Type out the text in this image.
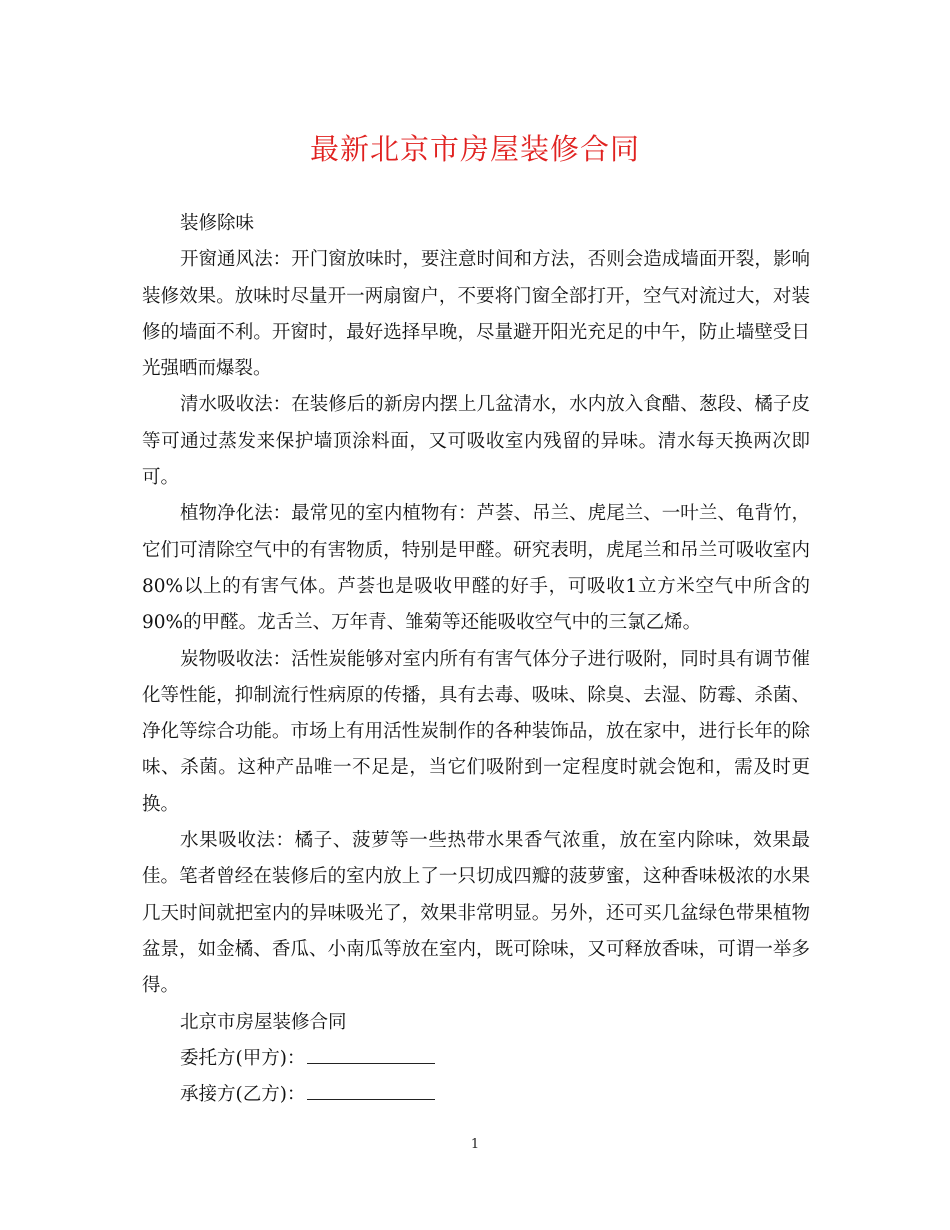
最新北京市房屋装修合同

装修除味

开窗通风法：开门窗放味时，要注意时间和方法，否则会造成墙面开裂，影响装修效果。放味时尽量开一两扇窗户，不要将门窗全部打开，空气对流过大，对装修的墙面不利。开窗时，最好选择早晚，尽量避开阳光充足的中午，防止墙壁受日光强晒而爆裂。

清水吸收法：在装修后的新房内摆上几盆清水，水内放入食醋、葱段、橘子皮等可通过蒸发来保护墙顶涂料面，又可吸收室内残留的异味。清水每天换两次即可。

植物净化法：最常见的室内植物有：芦荟、吊兰、虎尾兰、一叶兰、龟背竹，它们可清除空气中的有害物质，特别是甲醛。研究表明，虎尾兰和吊兰可吸收室内80%以上的有害气体。芦荟也是吸收甲醛的好手，可吸收1立方米空气中所含的90%的甲醛。龙舌兰、万年青、雏菊等还能吸收空气中的三氯乙烯。

炭物吸收法：活性炭能够对室内所有有害气体分子进行吸附，同时具有调节催化等性能，抑制流行性病原的传播，具有去毒、吸味、除臭、去湿、防霉、杀菌、净化等综合功能。市场上有用活性炭制作的各种装饰品，放在家中，进行长年的除味、杀菌。这种产品唯一不足是，当它们吸附到一定程度时就会饱和，需及时更换。

水果吸收法：橘子、菠萝等一些热带水果香气浓重，放在室内除味，效果最佳。笔者曾经在装修后的室内放上了一只切成四瓣的菠萝蜜，这种香味极浓的水果几天时间就把室内的异味吸光了，效果非常明显。另外，还可买几盆绿色带果植物盆景，如金橘、香瓜、小南瓜等放在室内，既可除味，又可释放香味，可谓一举多得。

北京市房屋装修合同

委托方(甲方)：

承接方(乙方)：

1
